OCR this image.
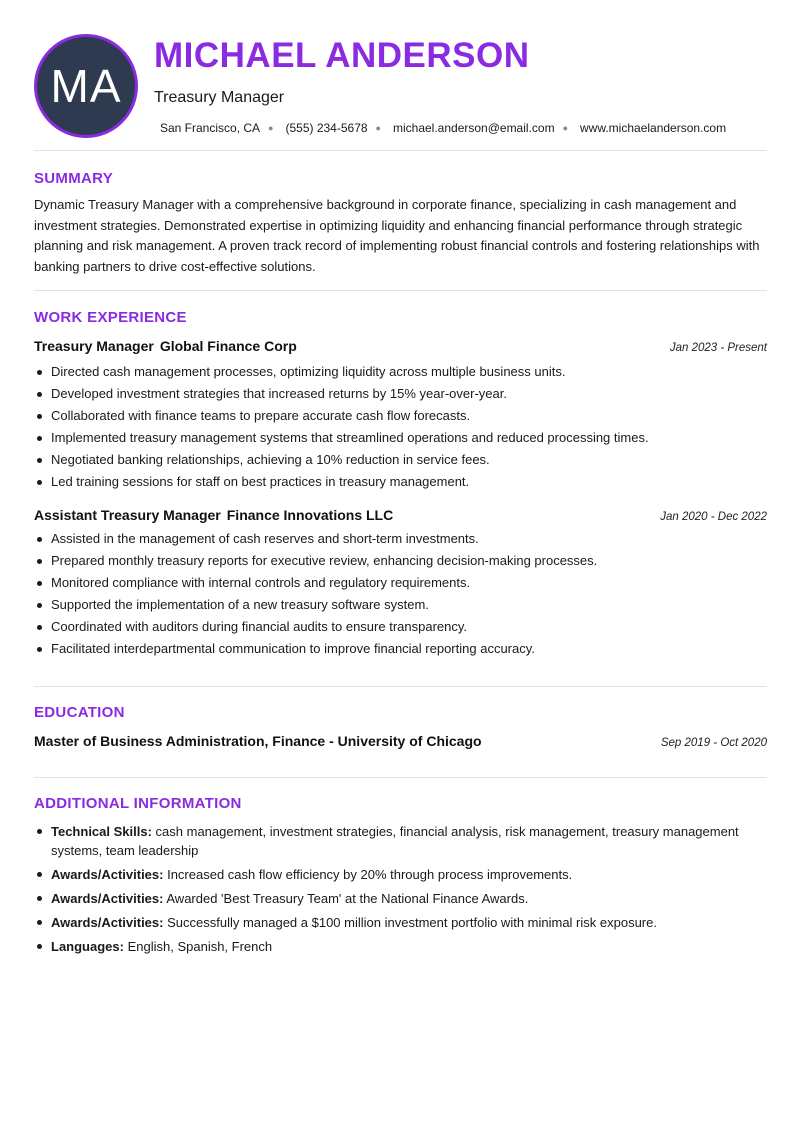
MA
MICHAEL ANDERSON
Treasury Manager
San Francisco, CA ● (555) 234-5678 ● michael.anderson@email.com ● www.michaelanderson.com
SUMMARY

Dynamic Treasury Manager with a comprehensive background in corporate finance, specializing in cash management and investment strategies. Demonstrated expertise in optimizing liquidity and enhancing financial performance through strategic planning and risk management. A proven track record of implementing robust financial controls and fostering relationships with banking partners to drive cost-effective solutions.

WORK EXPERIENCE
Treasury Manager Global Finance Corp	Jan 2023 - Present
Directed cash management processes, optimizing liquidity across multiple business units.
Developed investment strategies that increased returns by 15% year-over-year.
Collaborated with finance teams to prepare accurate cash flow forecasts.
Implemented treasury management systems that streamlined operations and reduced processing times.
Negotiated banking relationships, achieving a 10% reduction in service fees.
Led training sessions for staff on best practices in treasury management.
Assistant Treasury Manager Finance Innovations LLC	Jan 2020 - Dec 2022
Assisted in the management of cash reserves and short-term investments.
Prepared monthly treasury reports for executive review, enhancing decision-making processes.
Monitored compliance with internal controls and regulatory requirements.
Supported the implementation of a new treasury software system.
Coordinated with auditors during financial audits to ensure transparency.
Facilitated interdepartmental communication to improve financial reporting accuracy.
EDUCATION
Master of Business Administration, Finance - University of Chicago	Sep 2019 - Oct 2020
ADDITIONAL INFORMATION
Technical Skills: cash management, investment strategies, financial analysis, risk management, treasury management systems, team leadership
Awards/Activities: Increased cash flow efficiency by 20% through process improvements.
Awards/Activities: Awarded 'Best Treasury Team' at the National Finance Awards.
Awards/Activities: Successfully managed a $100 million investment portfolio with minimal risk exposure.
Languages: English, Spanish, French
